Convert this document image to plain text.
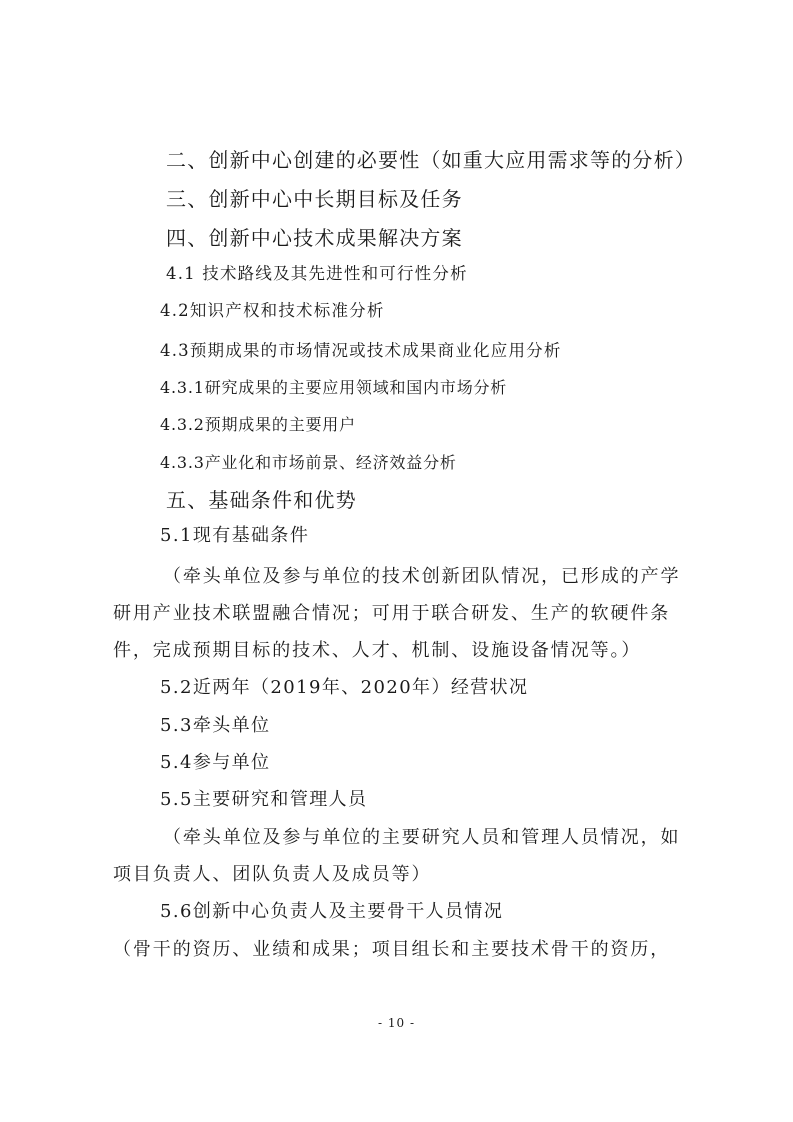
二、创新中心创建的必要性（如重大应用需求等的分析）
三、创新中心中长期目标及任务
四、创新中心技术成果解决方案
4.1 技术路线及其先进性和可行性分析
4.2知识产权和技术标准分析
4.3预期成果的市场情况或技术成果商业化应用分析
4.3.1研究成果的主要应用领域和国内市场分析
4.3.2预期成果的主要用户
4.3.3产业化和市场前景、经济效益分析
五、基础条件和优势
5.1现有基础条件
（牵头单位及参与单位的技术创新团队情况，已形成的产学
研用产业技术联盟融合情况；可用于联合研发、生产的软硬件条
件，完成预期目标的技术、人才、机制、设施设备情况等。）
5.2近两年（2019年、2020年）经营状况
5.3牵头单位
5.4参与单位
5.5主要研究和管理人员
（牵头单位及参与单位的主要研究人员和管理人员情况，如
项目负责人、团队负责人及成员等）
5.6创新中心负责人及主要骨干人员情况
（骨干的资历、业绩和成果；项目组长和主要技术骨干的资历，
- 10 -
